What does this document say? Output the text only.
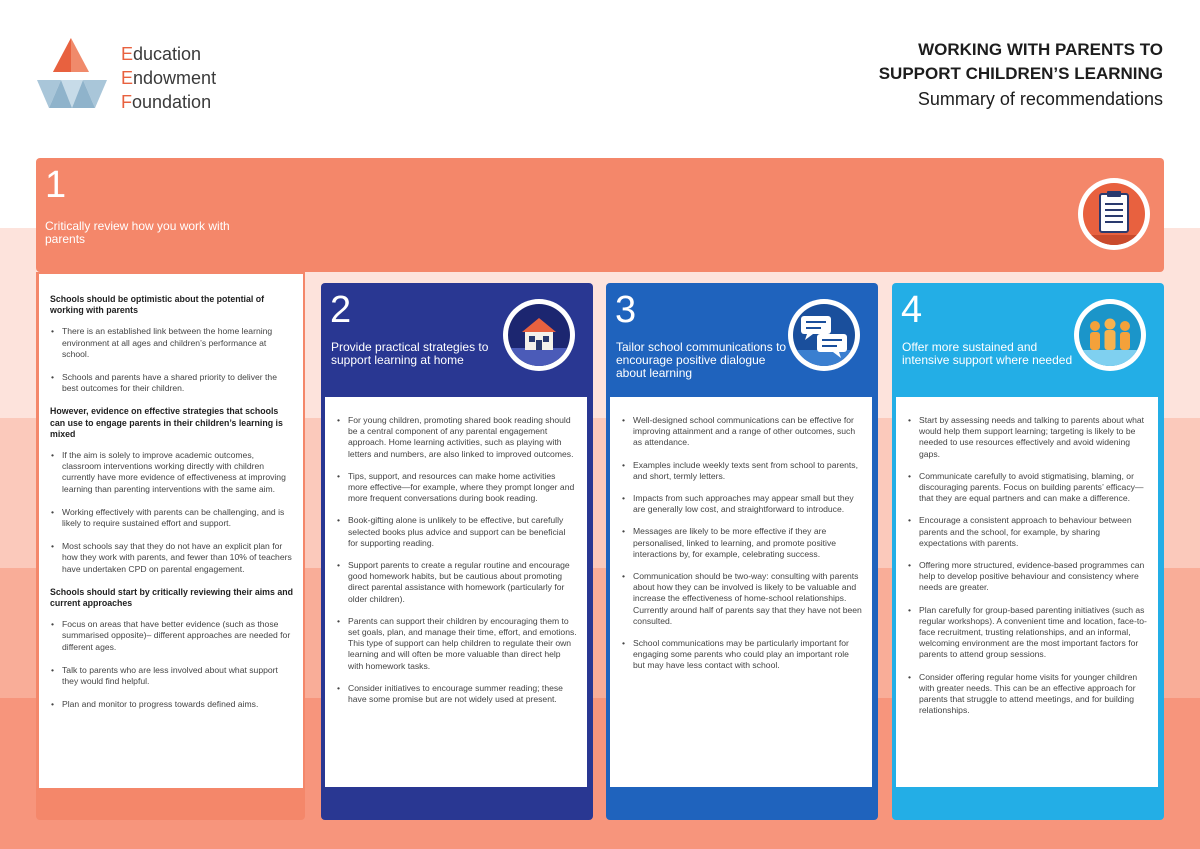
Education
Endowment
Foundation
WORKING WITH PARENTS TO
SUPPORT CHILDREN’S LEARNING
Summary of recommendations
1
Critically review how you work with parents
Schools should be optimistic about the potential of working with parents
• There is an established link between the home learning environment at all ages and children’s performance at school.
• Schools and parents have a shared priority to deliver the best outcomes for their children.
However, evidence on effective strategies that schools can use to engage parents in their children’s learning is mixed
• If the aim is solely to improve academic outcomes, classroom interventions working directly with children currently have more evidence of effectiveness at improving learning than parenting interventions with the same aim.
• Working effectively with parents can be challenging, and is likely to require sustained effort and support.
• Most schools say that they do not have an explicit plan for how they work with parents, and fewer than 10% of teachers have undertaken CPD on parental engagement.
Schools should start by critically reviewing their aims and current approaches
• Focus on areas that have better evidence (such as those summarised opposite)– different approaches are needed for different ages.
• Talk to parents who are less involved about what support they would find helpful.
• Plan and monitor to progress towards defined aims.
2
Provide practical strategies to support learning at home
• For young children, promoting shared book reading should be a central component of any parental engagement approach. Home learning activities, such as playing with letters and numbers, are also linked to improved outcomes.
• Tips, support, and resources can make home activities more effective—for example, where they prompt longer and more frequent conversations during book reading.
• Book-gifting alone is unlikely to be effective, but carefully selected books plus advice and support can be beneficial for supporting reading.
• Support parents to create a regular routine and encourage good homework habits, but be cautious about promoting direct parental assistance with homework (particularly for older children).
• Parents can support their children by encouraging them to set goals, plan, and manage their time, effort, and emotions. This type of support can help children to regulate their own learning and will often be more valuable than direct help with homework tasks.
• Consider initiatives to encourage summer reading; these have some promise but are not widely used at present.
3
Tailor school communications to encourage positive dialogue about learning
• Well-designed school communications can be effective for improving attainment and a range of other outcomes, such as attendance.
• Examples include weekly texts sent from school to parents, and short, termly letters.
• Impacts from such approaches may appear small but they are generally low cost, and straightforward to introduce.
• Messages are likely to be more effective if they are personalised, linked to learning, and promote positive interactions by, for example, celebrating success.
• Communication should be two-way: consulting with parents about how they can be involved is likely to be valuable and increase the effectiveness of home-school relationships. Currently around half of parents say that they have not been consulted.
• School communications may be particularly important for engaging some parents who could play an important role but may have less contact with school.
4
Offer more sustained and intensive support where needed
• Start by assessing needs and talking to parents about what would help them support learning; targeting is likely to be needed to use resources effectively and avoid widening gaps.
• Communicate carefully to avoid stigmatising, blaming, or discouraging parents. Focus on building parents’ efficacy—that they are equal partners and can make a difference.
• Encourage a consistent approach to behaviour between parents and the school, for example, by sharing expectations with parents.
• Offering more structured, evidence-based programmes can help to develop positive behaviour and consistency where needs are greater.
• Plan carefully for group-based parenting initiatives (such as regular workshops). A convenient time and location, face-to-face recruitment, trusting relationships, and an informal, welcoming environment are the most important factors for parents to attend group sessions.
• Consider offering regular home visits for younger children with greater needs. This can be an effective approach for parents that struggle to attend meetings, and for building relationships.
